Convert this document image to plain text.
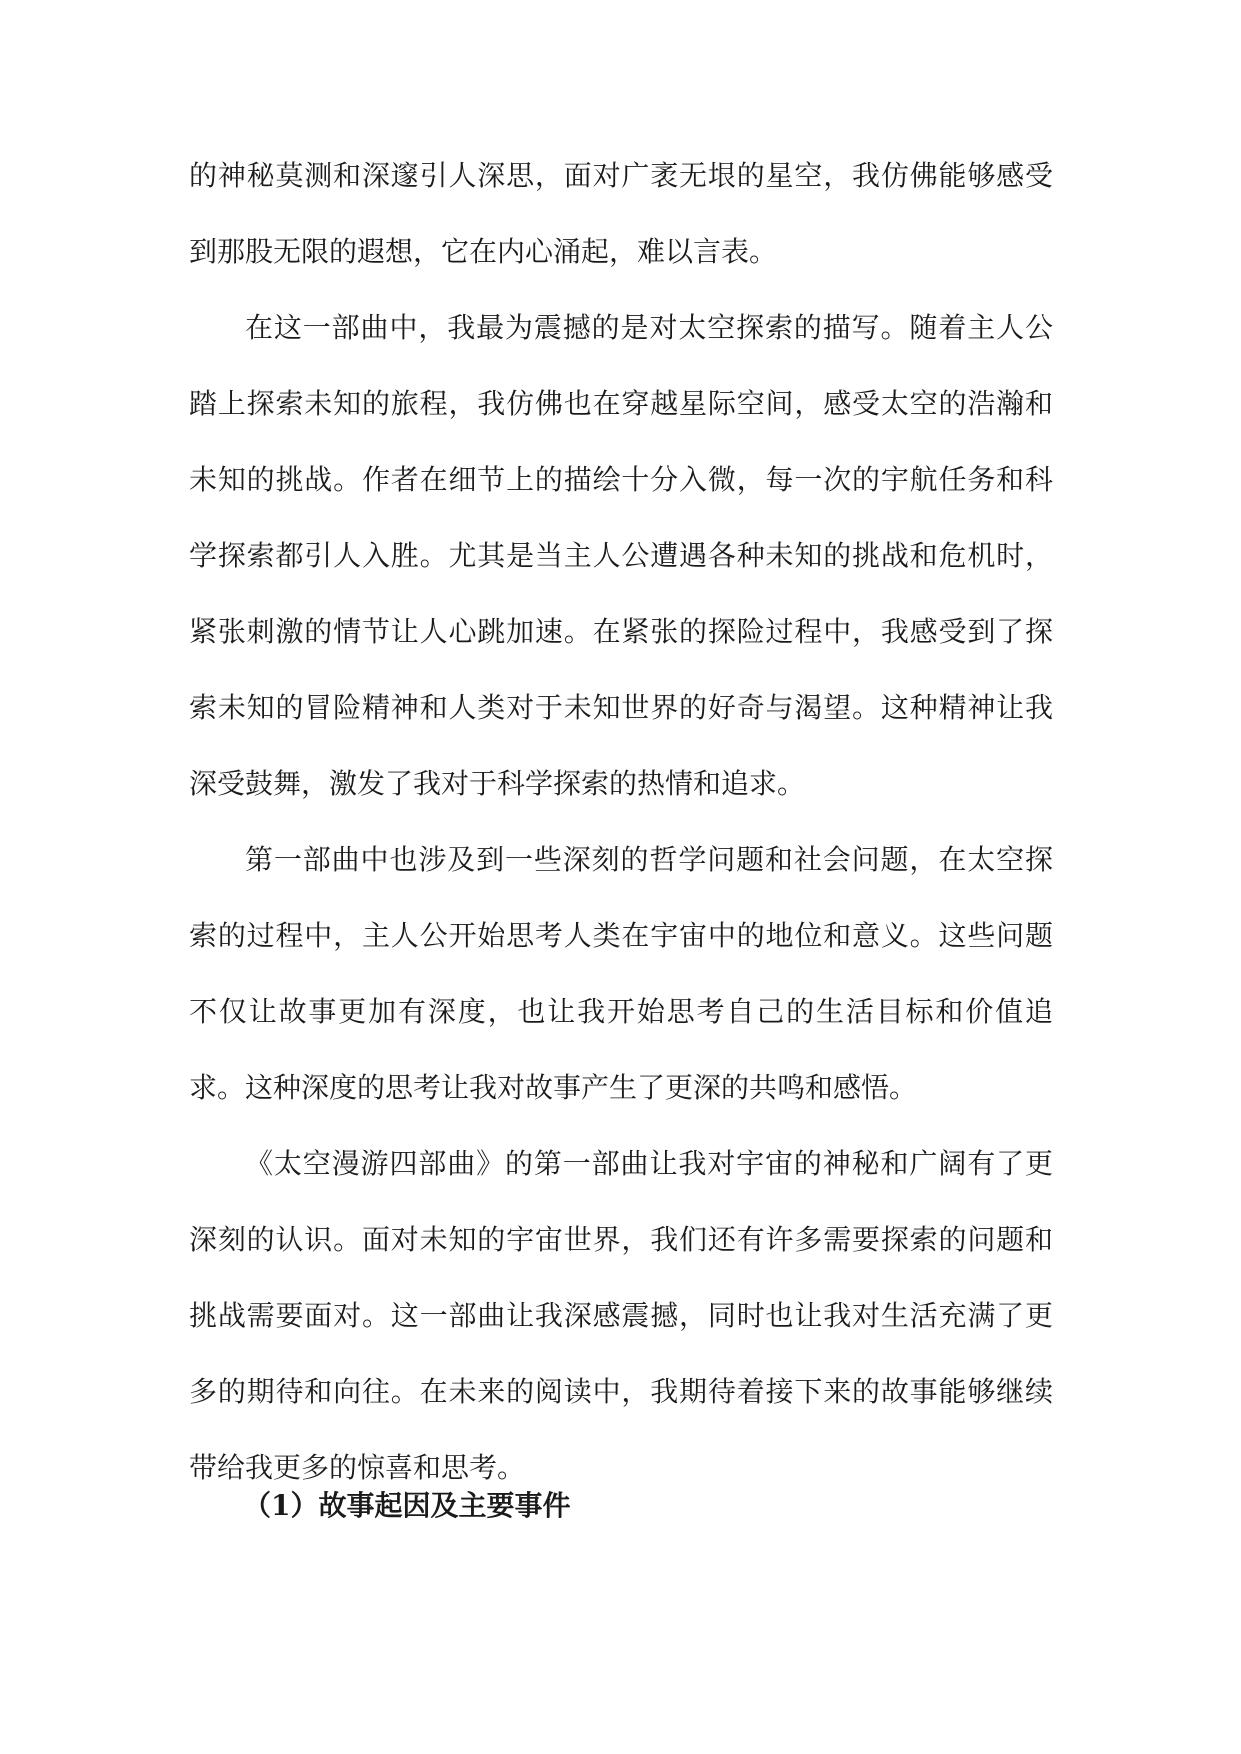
的神秘莫测和深邃引人深思，面对广袤无垠的星空，我仿佛能够感受到那股无限的遐想，它在内心涌起，难以言表。

在这一部曲中，我最为震撼的是对太空探索的描写。随着主人公踏上探索未知的旅程，我仿佛也在穿越星际空间，感受太空的浩瀚和未知的挑战。作者在细节上的描绘十分入微，每一次的宇航任务和科学探索都引人入胜。尤其是当主人公遭遇各种未知的挑战和危机时，紧张刺激的情节让人心跳加速。在紧张的探险过程中，我感受到了探索未知的冒险精神和人类对于未知世界的好奇与渴望。这种精神让我深受鼓舞，激发了我对于科学探索的热情和追求。

第一部曲中也涉及到一些深刻的哲学问题和社会问题，在太空探索的过程中，主人公开始思考人类在宇宙中的地位和意义。这些问题不仅让故事更加有深度，也让我开始思考自己的生活目标和价值追求。这种深度的思考让我对故事产生了更深的共鸣和感悟。

《太空漫游四部曲》的第一部曲让我对宇宙的神秘和广阔有了更深刻的认识。面对未知的宇宙世界，我们还有许多需要探索的问题和挑战需要面对。这一部曲让我深感震撼，同时也让我对生活充满了更多的期待和向往。在未来的阅读中，我期待着接下来的故事能够继续带给我更多的惊喜和思考。

（1）故事起因及主要事件
